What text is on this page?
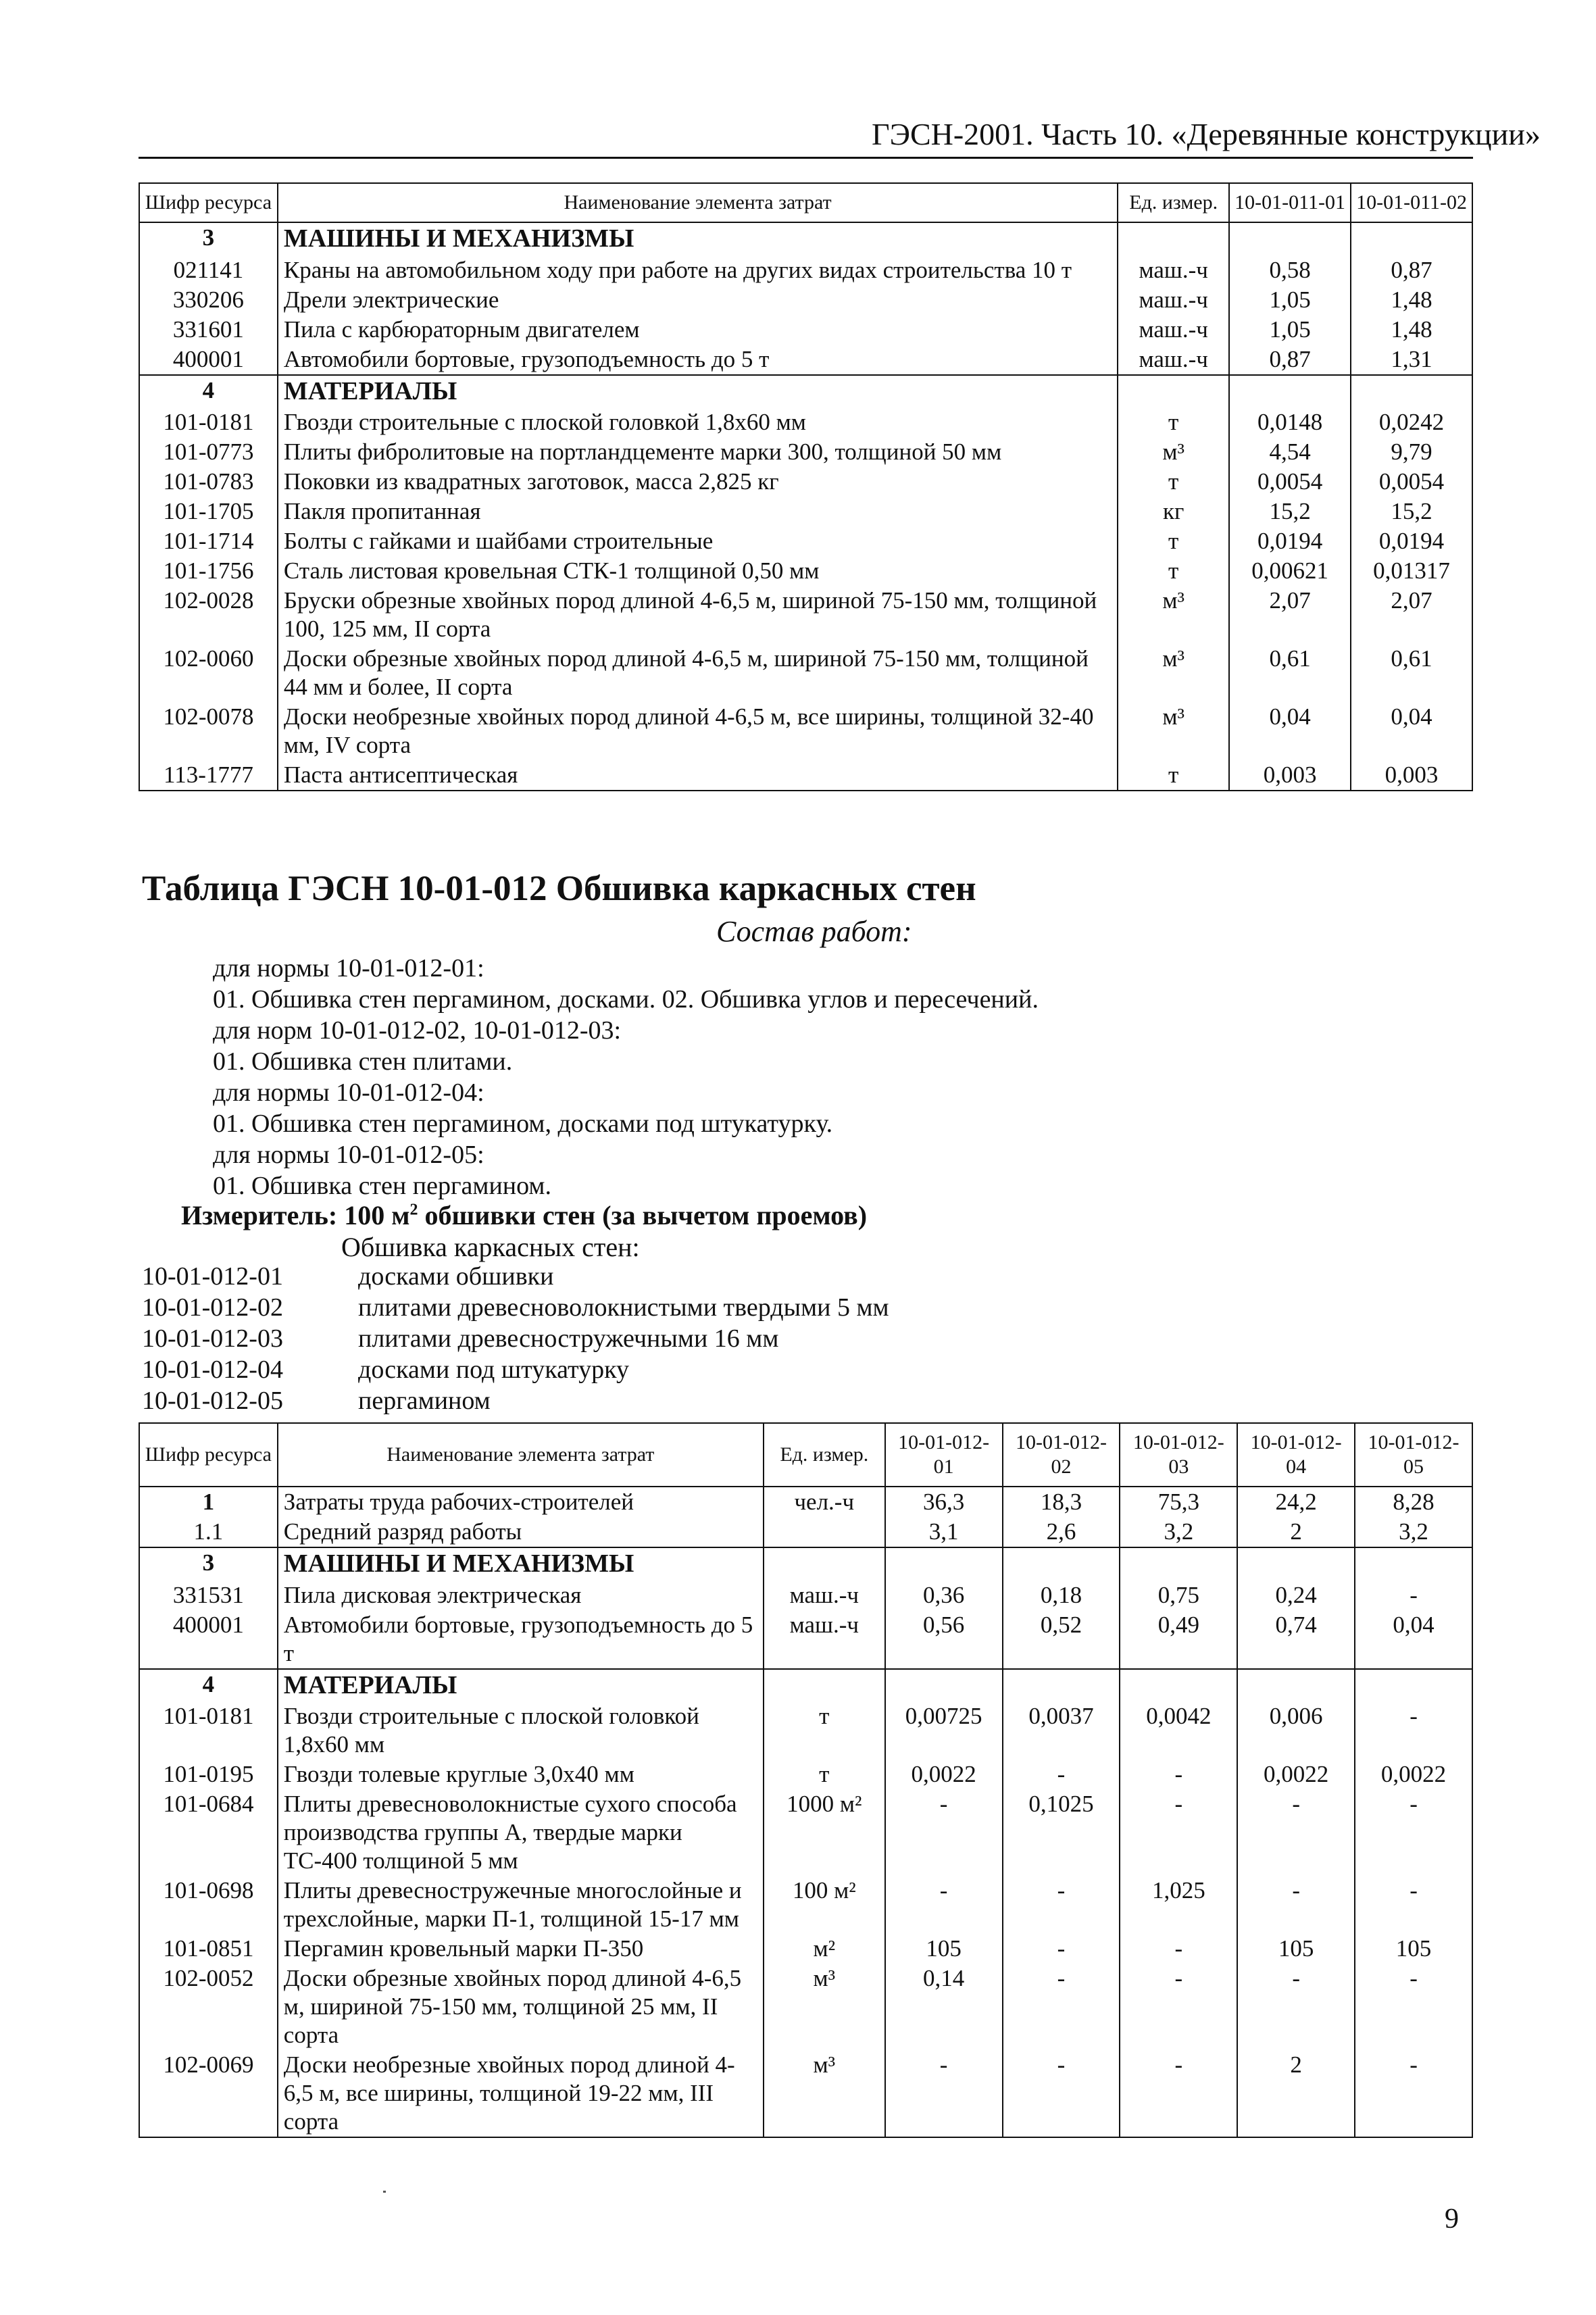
ГЭСН-2001. Часть 10. «Деревянные конструкции»
Шифр ресурса	Наименование элемента затрат	Ед. измер.	10-01-011-01	10-01-011-02
3	МАШИНЫ И МЕХАНИЗМЫ			
021141	Краны на автомобильном ходу при работе на других видах строительства 10 т	маш.-ч	0,58	0,87
330206	Дрели электрические	маш.-ч	1,05	1,48
331601	Пила с карбюраторным двигателем	маш.-ч	1,05	1,48
400001	Автомобили бортовые, грузоподъемность до 5 т	маш.-ч	0,87	1,31
4	МАТЕРИАЛЫ			
101-0181	Гвозди строительные с плоской головкой 1,8х60 мм	т	0,0148	0,0242
101-0773	Плиты фибролитовые на портландцементе марки 300, толщиной 50 мм	м³	4,54	9,79
101-0783	Поковки из квадратных заготовок, масса 2,825 кг	т	0,0054	0,0054
101-1705	Пакля пропитанная	кг	15,2	15,2
101-1714	Болты с гайками и шайбами строительные	т	0,0194	0,0194
101-1756	Сталь листовая кровельная СТК-1 толщиной 0,50 мм	т	0,00621	0,01317
102-0028	Бруски обрезные хвойных пород длиной 4-6,5 м, шириной 75-150 мм, толщиной 100, 125 мм, II сорта	м³	2,07	2,07
102-0060	Доски обрезные хвойных пород длиной 4-6,5 м, шириной 75-150 мм, толщиной 44 мм и более, II сорта	м³	0,61	0,61
102-0078	Доски необрезные хвойных пород длиной 4-6,5 м, все ширины, толщиной 32-40 мм, IV сорта	м³	0,04	0,04
113-1777	Паста антисептическая	т	0,003	0,003
Таблица ГЭСН 10-01-012 Обшивка каркасных стен
Состав работ:
для нормы 10-01-012-01:
01. Обшивка стен пергамином, досками. 02. Обшивка углов и пересечений.
для норм 10-01-012-02, 10-01-012-03:
01. Обшивка стен плитами.
для нормы 10-01-012-04:
01. Обшивка стен пергамином, досками под штукатурку.
для нормы 10-01-012-05:
01. Обшивка стен пергамином.
Измеритель: 100 $м^2$ обшивки стен (за вычетом проемов)
Обшивка каркасных стен:
10-01-012-01	досками обшивки
10-01-012-02	плитами древесноволокнистыми твердыми 5 мм
10-01-012-03	плитами древесностружечными 16 мм
10-01-012-04	досками под штукатурку
10-01-012-05	пергамином
Шифр ресурса	Наименование элемента затрат	Ед. измер.	10-01-012-01	10-01-012-02	10-01-012-03	10-01-012-04	10-01-012-05
1	Затраты труда рабочих-строителей	чел.-ч	36,3	18,3	75,3	24,2	8,28
1.1	Средний разряд работы		3,1	2,6	3,2	2	3,2
3	МАШИНЫ И МЕХАНИЗМЫ						
331531	Пила дисковая электрическая	маш.-ч	0,36	0,18	0,75	0,24	-
400001	Автомобили бортовые, грузоподъемность до 5 т	маш.-ч	0,56	0,52	0,49	0,74	0,04
4	МАТЕРИАЛЫ						
101-0181	Гвозди строительные с плоской головкой 1,8х60 мм	т	0,00725	0,0037	0,0042	0,006	-
101-0195	Гвозди толевые круглые 3,0х40 мм	т	0,0022	-	-	0,0022	0,0022
101-0684	Плиты древесноволокнистые сухого способа производства группы А, твердые марки ТС-400 толщиной 5 мм	1000 м²	-	0,1025	-	-	-
101-0698	Плиты древесностружечные многослойные и трехслойные, марки П-1, толщиной 15-17 мм	100 м²	-	-	1,025	-	-
101-0851	Пергамин кровельный марки П-350	м²	105	-	-	105	105
102-0052	Доски обрезные хвойных пород длиной 4-6,5 м, шириной 75-150 мм, толщиной 25 мм, II сорта	м³	0,14	-	-	-	-
102-0069	Доски необрезные хвойных пород длиной 4-6,5 м, все ширины, толщиной 19-22 мм, III сорта	м³	-	-	-	2	-
9
